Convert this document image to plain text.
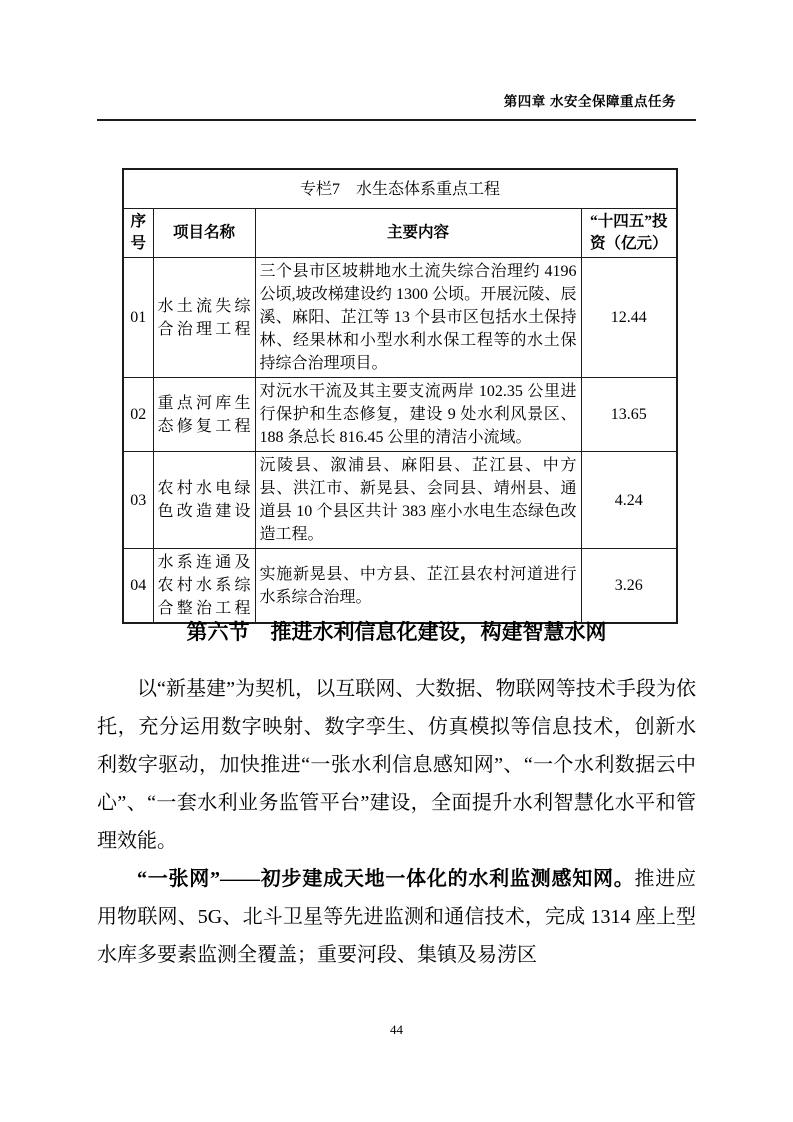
第四章 水安全保障重点任务
专栏7　水生态体系重点工程			
序号	项目名称	主要内容	“十四五”投资（亿元）
01	水土流失综合治理工程	三个县市区坡耕地水土流失综合治理约 4196 公顷,坡改梯建设约 1300 公顷。开展沅陵、辰溪、麻阳、芷江等 13 个县市区包括水土保持林、经果林和小型水利水保工程等的水土保持综合治理项目。	12.44
02	重点河库生态修复工程	对沅水干流及其主要支流两岸 102.35 公里进行保护和生态修复，建设 9 处水利风景区、188 条总长 816.45 公里的清洁小流域。	13.65
03	农村水电绿色改造建设	沅陵县、溆浦县、麻阳县、芷江县、中方县、洪江市、新晃县、会同县、靖州县、通道县 10 个县区共计 383 座小水电生态绿色改造工程。	4.24
04	水系连通及农村水系综合整治工程	实施新晃县、中方县、芷江县农村河道进行水系综合治理。	3.26
第六节　推进水利信息化建设，构建智慧水网

以“新基建”为契机，以互联网、大数据、物联网等技术手段为依托，充分运用数字映射、数字孪生、仿真模拟等信息技术，创新水利数字驱动，加快推进“一张水利信息感知网”、“一个水利数据云中心”、“一套水利业务监管平台”建设，全面提升水利智慧化水平和管理效能。

“一张网”——初步建成天地一体化的水利监测感知网。推进应用物联网、5G、北斗卫星等先进监测和通信技术，完成 1314 座上型水库多要素监测全覆盖；重要河段、集镇及易涝区

44
